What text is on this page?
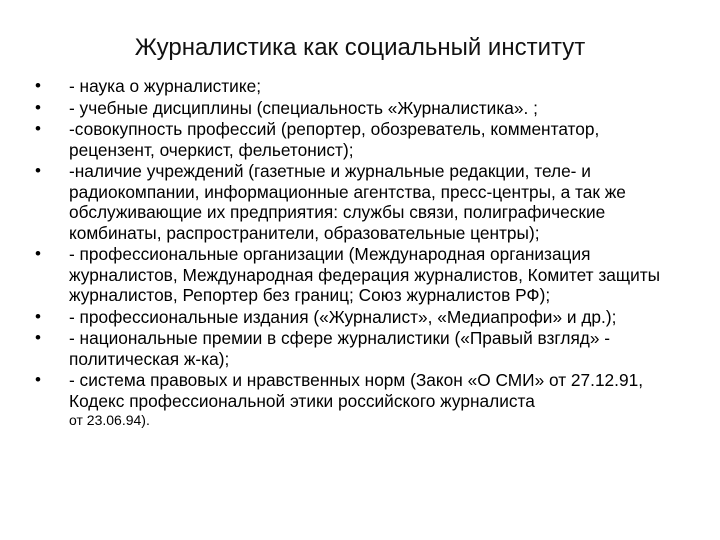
Журналистика как социальный институт
•	- наука о журналистике;
•	- учебные дисциплины (специальность «Журналистика». ;
•	-совокупность профессий (репортер, обозреватель, комментатор, рецензент, очеркист, фельетонист);
•	-наличие учреждений (газетные и журнальные редакции, теле- и радиокомпании, информационные агентства, пресс-центры, а так же обслуживающие их предприятия: службы связи, полиграфические комбинаты, распространители, образовательные центры);
•	- профессиональные организации (Международная организация журналистов, Международная федерация журналистов, Комитет защиты журналистов, Репортер без границ; Союз журналистов РФ);
•	- профессиональные издания («Журналист», «Медиапрофи» и др.);
•	- национальные премии в сфере журналистики («Правый взгляд» - политическая ж-ка);
•	- система правовых и нравственных норм (Закон «О СМИ» от 27.12.91, Кодекс профессиональной этики российского журналиста
от 23.06.94).
